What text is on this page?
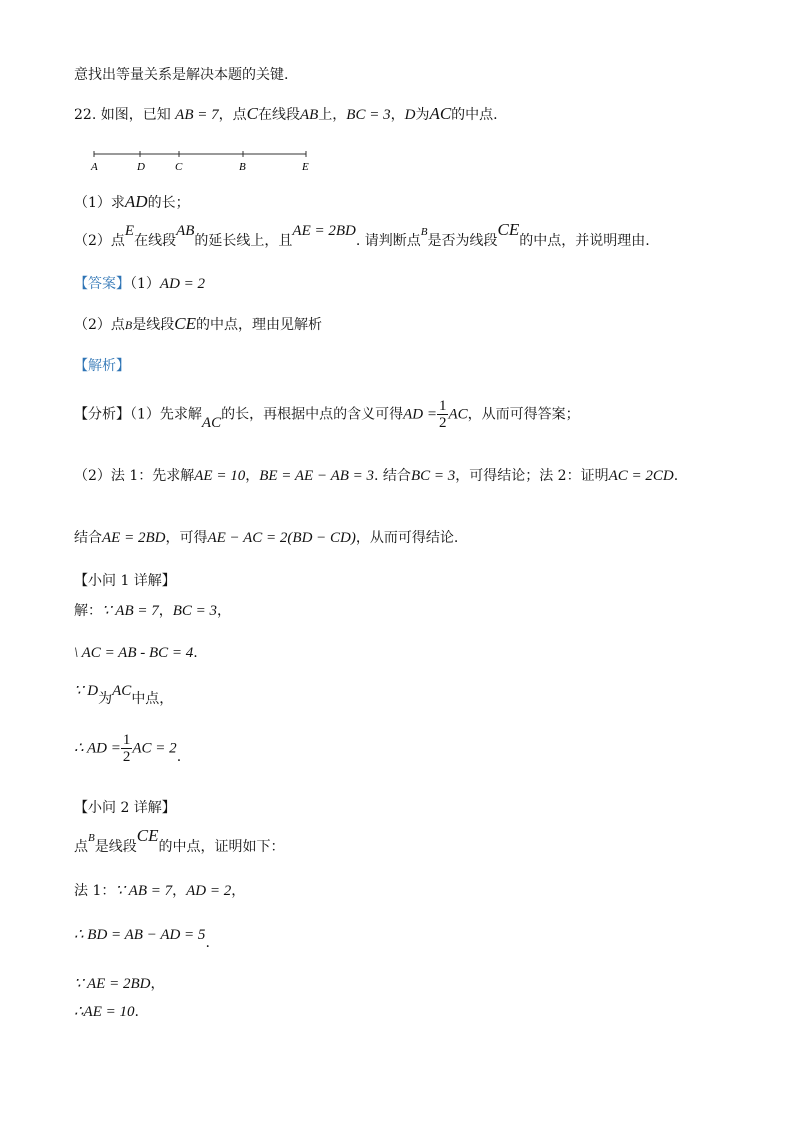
意找出等量关系是解决本题的关键.
22. 如图，已知 AB = 7，点C在线段AB上，BC = 3，D为AC的中点.
A	D	C	B	E
（1）求AD的长；
（2）点E在线段AB的延长线上，且AE = 2BD. 请判断点$^B$是否为线段CE的中点，并说明理由.
【答案】（1）AD = 2
（2）点B是线段CE的中点，理由见解析
【解析】
【分析】（1）先求解AC的长，再根据中点的含义可得AD = $\frac{1}{2}$ AC，从而可得答案；
（2）法 1：先求解AE = 10，BE = AE − AB = 3. 结合BC = 3，可得结论；法 2：证明AC = 2CD.
结合AE = 2BD，可得AE − AC = 2(BD − CD)，从而可得结论.
【小问 1 详解】
解：∵ AB = 7，BC = 3，
\ AC = AB - BC = 4.
∵ D为AC中点，
∴ AD = $\frac{1}{2}$ AC = 2.
【小问 2 详解】
点$^B$是线段CE的中点，证明如下：
法 1：∵ AB = 7，AD = 2，
∴ BD = AB − AD = 5.
∵ AE = 2BD，
∴AE = 10.
